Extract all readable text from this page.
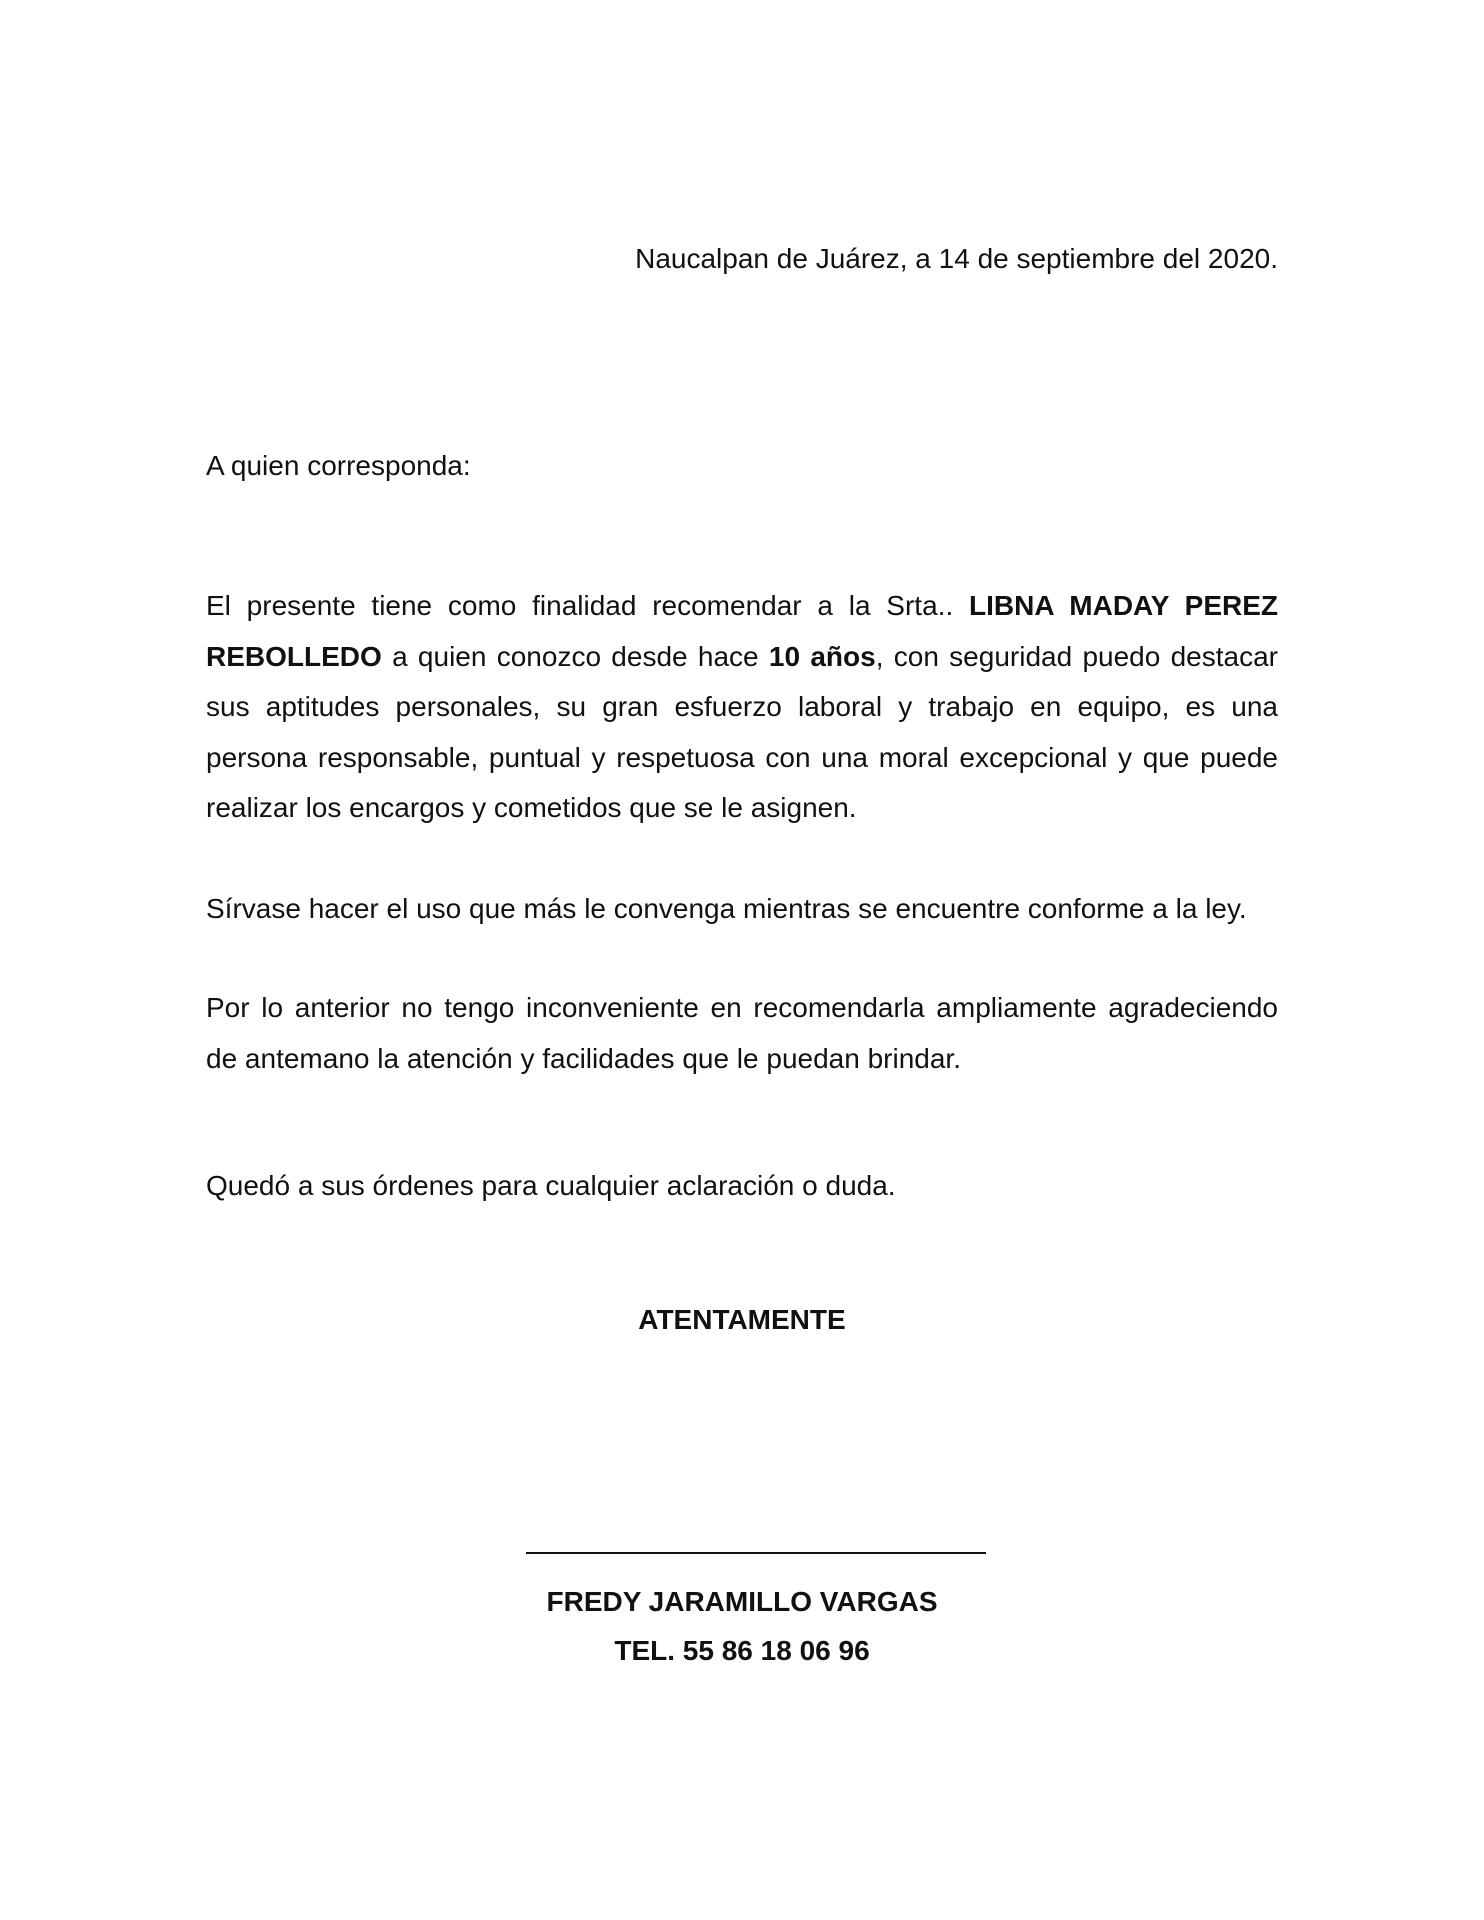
Naucalpan de Juárez, a 14 de septiembre del 2020.
A quien corresponda:

El presente tiene como finalidad recomendar a la Srta.. LIBNA MADAY PEREZ REBOLLEDO a quien conozco desde hace 10 años, con seguridad puedo destacar sus aptitudes personales, su gran esfuerzo laboral y trabajo en equipo, es una persona responsable, puntual y respetuosa con una moral excepcional y que puede realizar los encargos y cometidos que se le asignen.

Sírvase hacer el uso que más le convenga mientras se encuentre conforme a la ley.

Por lo anterior no tengo inconveniente en recomendarla ampliamente agradeciendo de antemano la atención y facilidades que le puedan brindar.

Quedó a sus órdenes para cualquier aclaración o duda.

ATENTAMENTE
FREDY JARAMILLO VARGAS
TEL. 55 86 18 06 96
